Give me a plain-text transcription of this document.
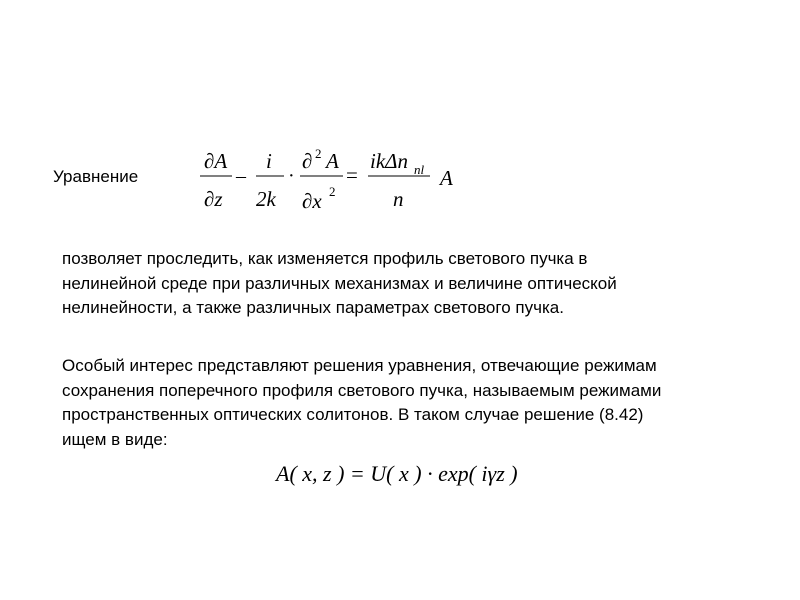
Уравнение
∂A
∂z
–
i
2k
·
∂ 2 A
∂x 2
=
ikΔn nl
n
A

позволяет проследить, как изменяется профиль светового пучка в
нелинейной среде при различных механизмах и величине оптической
нелинейности, а также различных параметрах светового пучка.

Особый интерес представляют решения уравнения, отвечающие режимам
сохранения поперечного профиля светового пучка, называемым режимами
пространственных оптических солитонов. В таком случае решение (8.42)
ищем в виде:

A( x, z ) = U( x ) · exp( iγz )
